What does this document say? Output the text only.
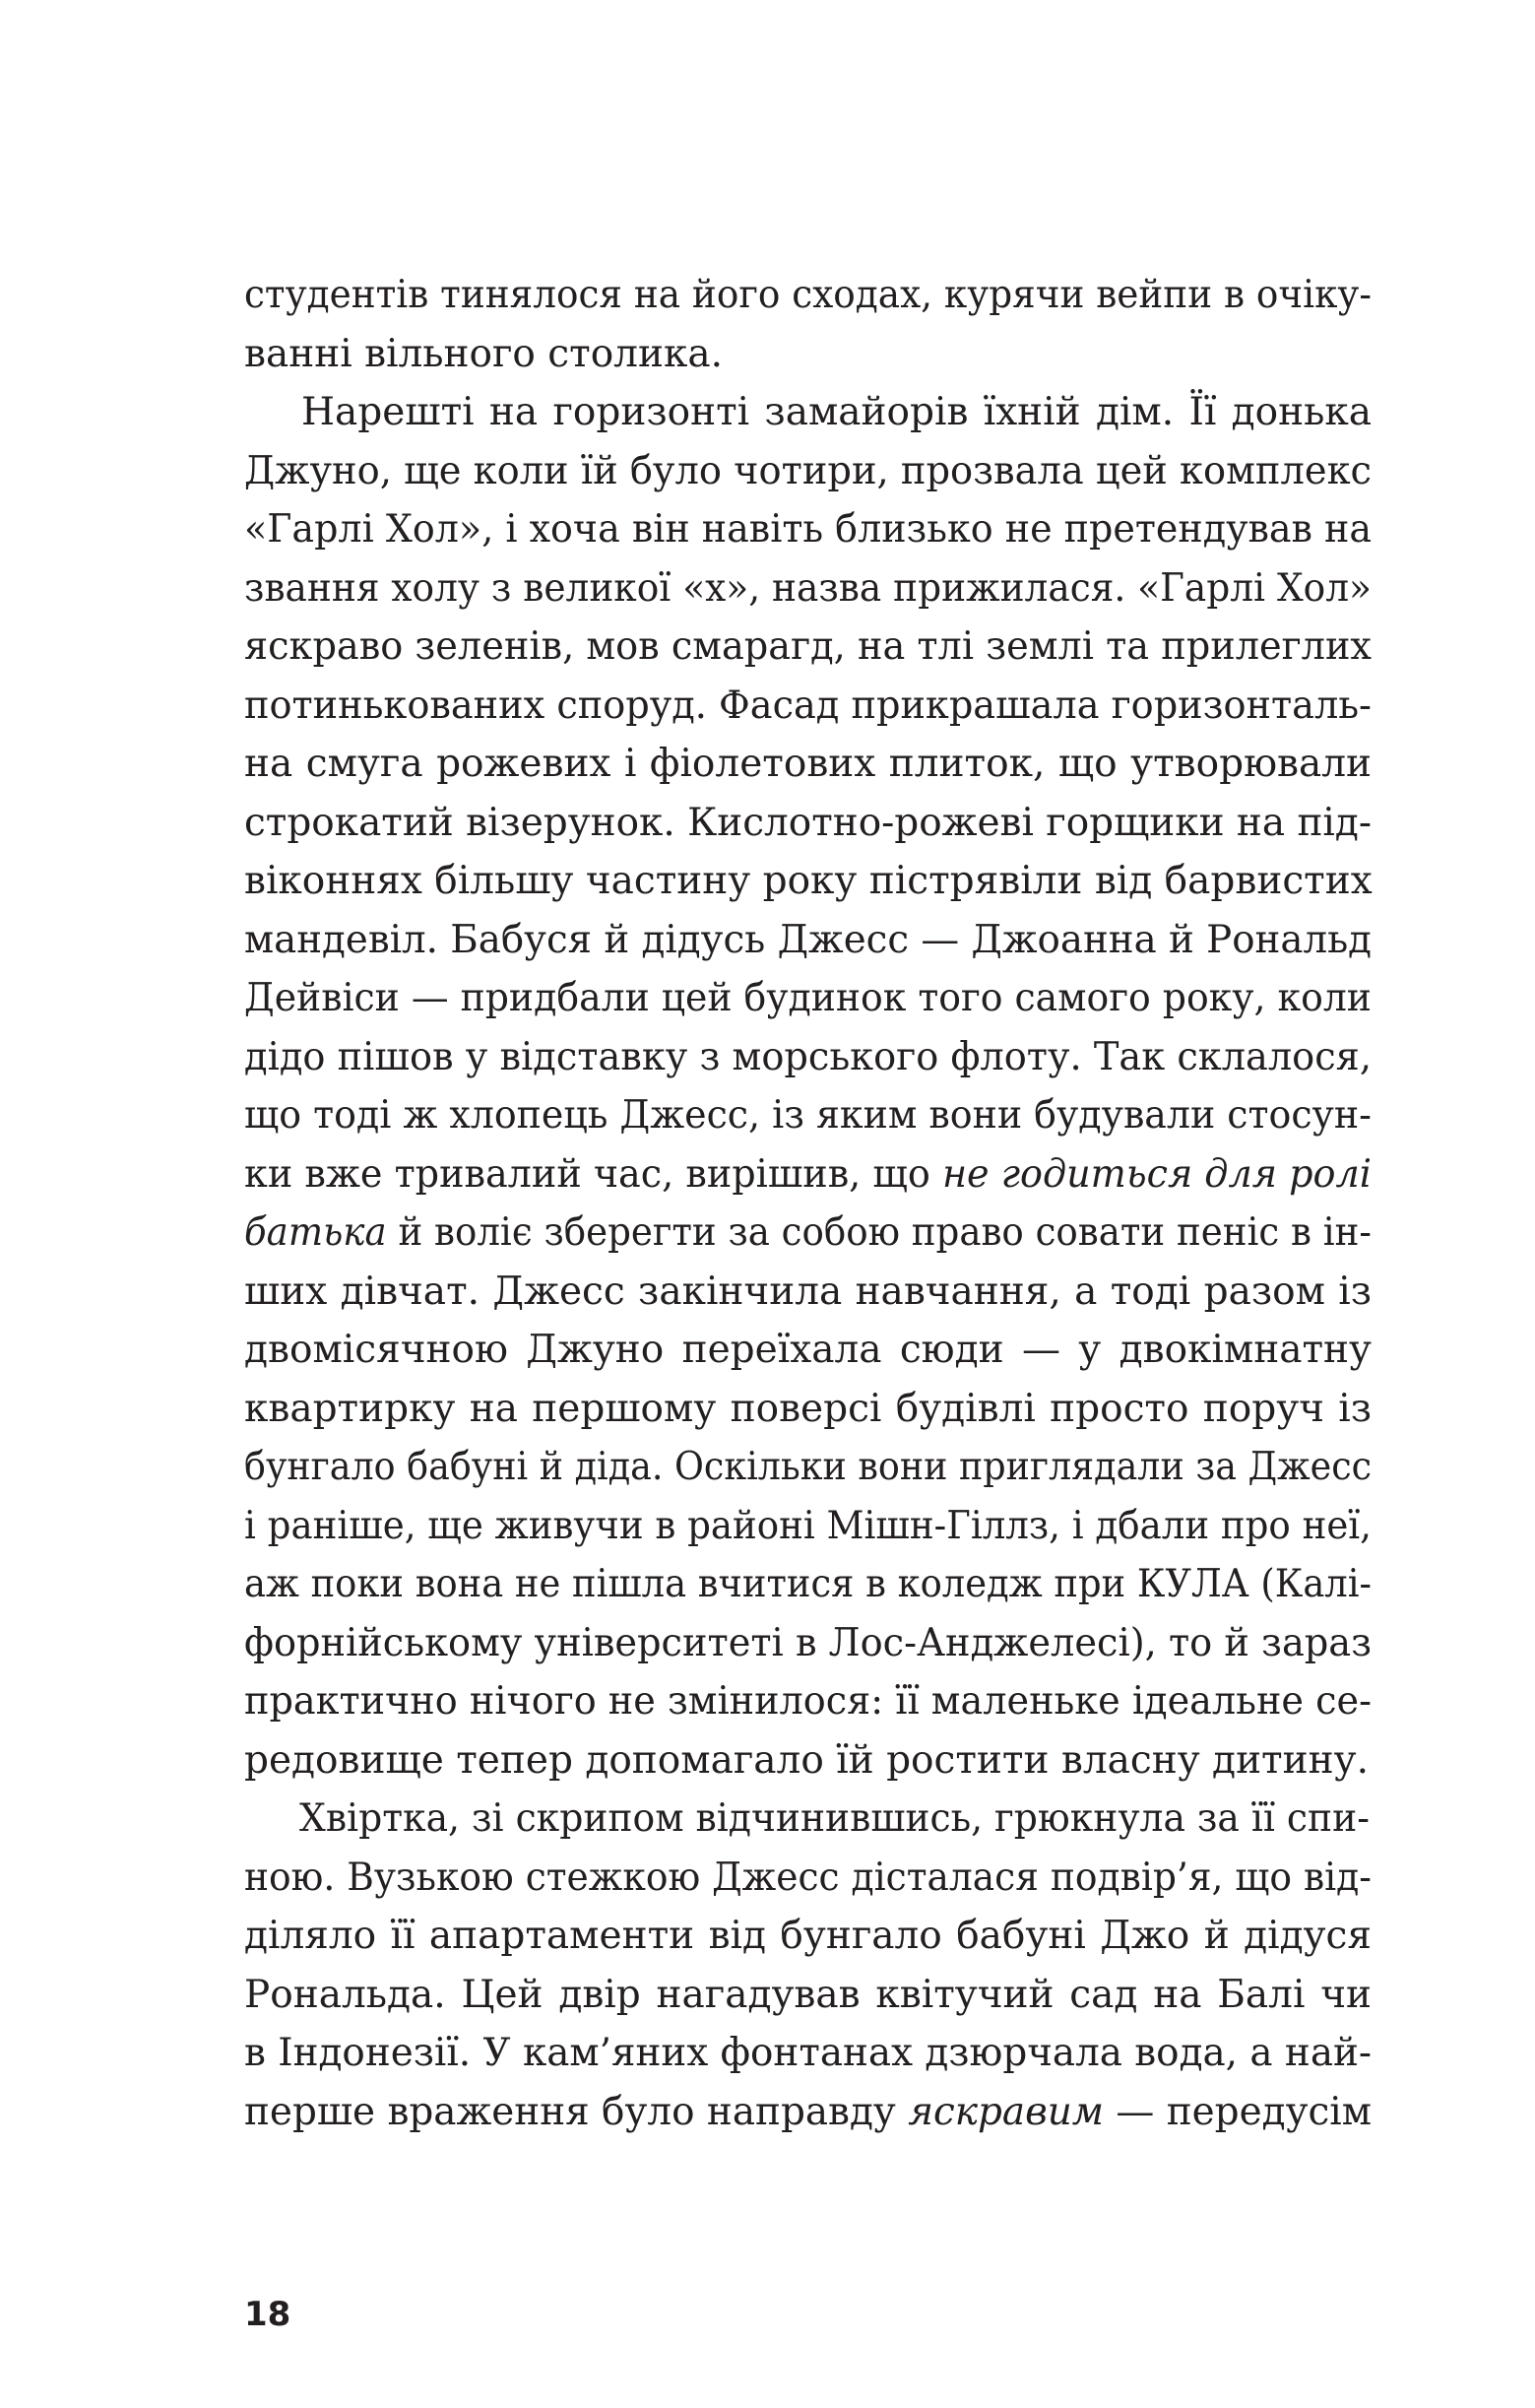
студентів тинялося на його сходах, курячи вейпи в очіку-
ванні вільного столика.
Нарешті на горизонті замайорів їхній дім. Її донька
Джуно, ще коли їй було чотири, прозвала цей комплекс
«Гарлі Хол», і хоча він навіть близько не претендував на
звання холу з великої «х», назва прижилася. «Гарлі Хол»
яскраво зеленів, мов смарагд, на тлі землі та прилеглих
потинькованих споруд. Фасад прикрашала горизонталь-
на смуга рожевих і фіолетових плиток, що утворювали
строкатий візерунок. Кислотно-рожеві горщики на під-
віконнях більшу частину року пістрявіли від барвистих
мандевіл. Бабуся й дідусь Джесс — Джоанна й Рональд
Дейвіси — придбали цей будинок того самого року, коли
дідо пішов у відставку з морського флоту. Так склалося,
що тоді ж хлопець Джесс, із яким вони будували стосун-
ки вже тривалий час, вирішив, що не годиться для ролі
батька й воліє зберегти за собою право совати пеніс в ін-
ших дівчат. Джесс закінчила навчання, а тоді разом із
двомісячною Джуно переїхала сюди — у двокімнатну
квартирку на першому поверсі будівлі просто поруч із
бунгало бабуні й діда. Оскільки вони приглядали за Джесс
і раніше, ще живучи в районі Мішн-Гіллз, і дбали про неї,
аж поки вона не пішла вчитися в коледж при КУЛА (Калі-
форнійському університеті в Лос-Анджелесі), то й зараз
практично нічого не змінилося: її маленьке ідеальне се-
редовище тепер допомагало їй ростити власну дитину.
Хвіртка, зі скрипом відчинившись, грюкнула за її спи-
ною. Вузькою стежкою Джесс дісталася подвір’я, що від-
діляло її апартаменти від бунгало бабуні Джо й дідуся
Рональда. Цей двір нагадував квітучий сад на Балі чи
в Індонезії. У кам’яних фонтанах дзюрчала вода, а най-
перше враження було направду яскравим — передусім
18
